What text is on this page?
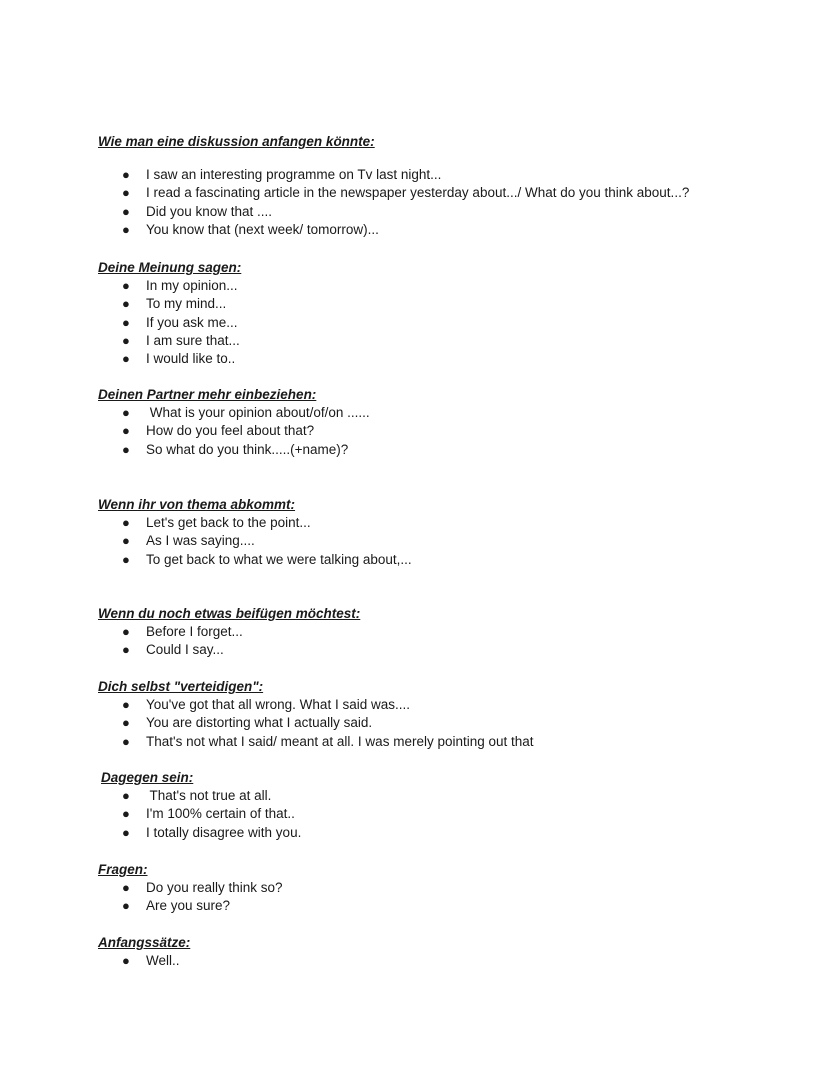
Wie man eine diskussion anfangen könnte:

● I saw an interesting programme on Tv last night...
● I read a fascinating article in the newspaper yesterday about.../ What do you think about...?
● Did you know that ....
● You know that (next week/ tomorrow)...

Deine Meinung sagen:

● In my opinion...
● To my mind...
● If you ask me...
● I am sure that...
● I would like to..

Deinen Partner mehr einbeziehen:

● What is your opinion about/of/on ......
● How do you feel about that?
● So what do you think.....(+name)?

Wenn ihr von thema abkommt:

● Let's get back to the point...
● As I was saying....
● To get back to what we were talking about,...

Wenn du noch etwas beifügen möchtest:

● Before I forget...
● Could I say...

Dich selbst "verteidigen":

● You've got that all wrong. What I said was....
● You are distorting what I actually said.
● That's not what I said/ meant at all. I was merely pointing out that

Dagegen sein:

● That's not true at all.
● I'm 100% certain of that..
● I totally disagree with you.

Fragen:

● Do you really think so?
● Are you sure?

Anfangssätze:

● Well..
